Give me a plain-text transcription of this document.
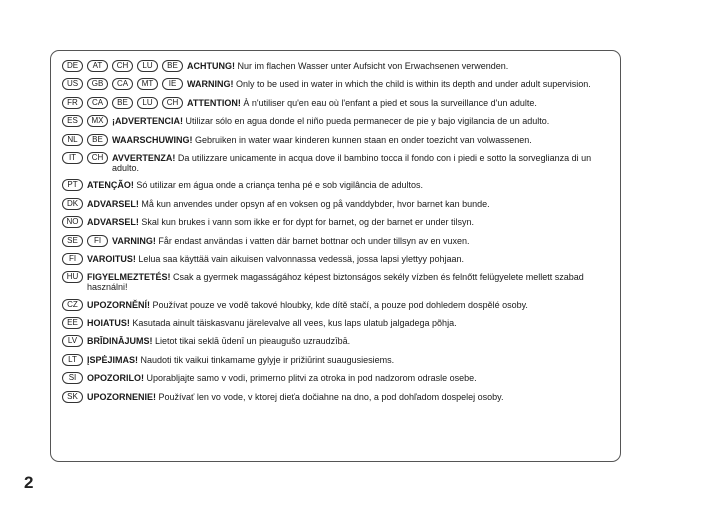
DE	AT	CH	LU	BE	ACHTUNG! Nur im flachen Wasser unter Aufsicht von Erwachsenen verwenden.
US	GB	CA	MT	IE	WARNING! Only to be used in water in which the child is within its depth and under adult supervision.
FR	CA	BE	LU	CH ATTENTION! À n'utiliser qu'en eau où l'enfant a pied et sous la surveillance d'un adulte.
ES	MX ¡ADVERTENCIA! Utilizar sólo en agua donde el niño pueda permanecer de pie y bajo vigilancia de un adulto.
NL	BE	WAARSCHUWING! Gebruiken in water waar kinderen kunnen staan en onder toezicht van volwassenen.
IT	CH AVVERTENZA! Da utilizzare unicamente in acqua dove il bambino tocca il fondo con i piedi e sotto la sorveglianza di un adulto.
PT	ATENÇÃO! Só utilizar em água onde a criança tenha pé e sob vigilância de adultos.
DK ADVARSEL! Må kun anvendes under opsyn af en voksen og på vanddybder, hvor barnet kan bunde.
NO ADVARSEL! Skal kun brukes i vann som ikke er for dypt for barnet, og der barnet er under tilsyn.
SE	FI	VARNING! Får endast användas i vatten där barnet bottnar och under tillsyn av en vuxen.
FI	VAROITUS! Lelua saa käyttää vain aikuisen valvonnassa vedessä, jossa lapsi ylettyy pohjaan.
HU FIGYELMEZTETÉS! Csak a gyermek magasságához képest biztonságos sekély vízben és felnőtt felügyelete mellett szabad használni!
CZ	UPOZORNĚNÍ! Používat pouze ve vodě takové hloubky, kde dítě stačí, a pouze pod dohledem dospělé osoby.
EE	HOIATUS! Kasutada ainult täiskasvanu järelevalve all vees, kus laps ulatub jalgadega põhja.
LV	BRĪDINĀJUMS! Lietot tikai seklā ūdenī un pieaugušo uzraudzībā.
LT	ĮSPĖJIMAS! Naudoti tik vaikui tinkamame gylyje ir prižiūrint suaugusiesiems.
SI	OPOZORILO! Uporabljajte samo v vodi, primerno plitvi za otroka in pod nadzorom odrasle osebe.
SK	UPOZORNENIE! Používať len vo vode, v ktorej dieťa dočiahne na dno, a pod dohľadom dospelej osoby.
2
